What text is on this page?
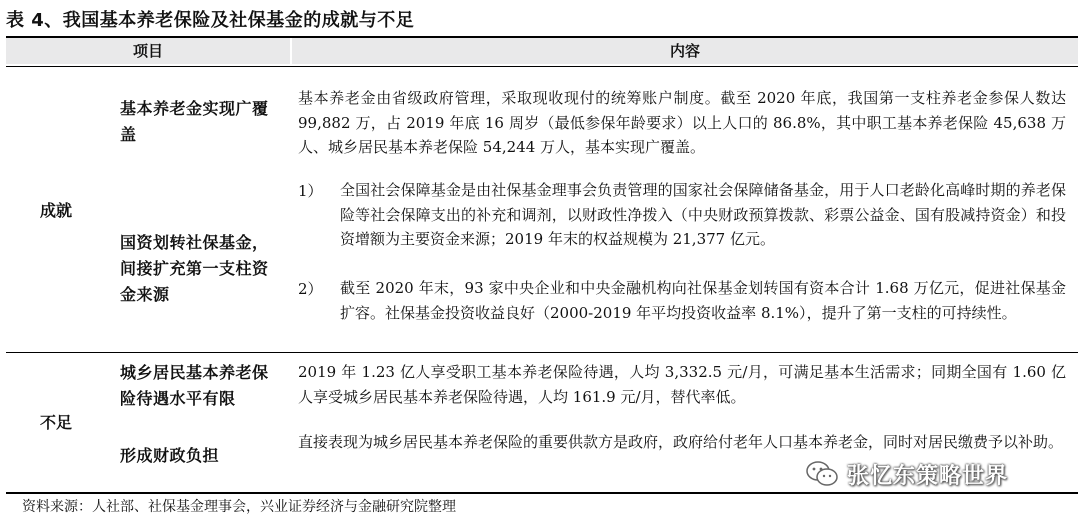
表 4、我国基本养老保险及社保基金的成就与不足
项目	内容
成就
基本养老金实现广覆盖
基本养老金由省级政府管理，采取现收现付的统筹账户制度。截至 2020 年底，我国第一支柱养老金参保人数达 99,882 万，占 2019 年底 16 周岁（最低参保年龄要求）以上人口的 86.8%，其中职工基本养老保险 45,638 万人、城乡居民基本养老保险 54,244 万人，基本实现广覆盖。
国资划转社保基金，间接扩充第一支柱资金来源
1） 全国社会保障基金是由社保基金理事会负责管理的国家社会保障储备基金，用于人口老龄化高峰时期的养老保险等社会保障支出的补充和调剂，以财政性净拨入（中央财政预算拨款、彩票公益金、国有股减持资金）和投资增额为主要资金来源；2019 年末的权益规模为 21,377 亿元。
2） 截至 2020 年末，93 家中央企业和中央金融机构向社保基金划转国有资本合计 1.68 万亿元，促进社保基金扩容。社保基金投资收益良好（2000-2019 年平均投资收益率 8.1%），提升了第一支柱的可持续性。
不足
城乡居民基本养老保险待遇水平有限
2019 年 1.23 亿人享受职工基本养老保险待遇，人均 3,332.5 元/月，可满足基本生活需求；同期全国有 1.60 亿人享受城乡居民基本养老保险待遇，人均 161.9 元/月，替代率低。
形成财政负担
直接表现为城乡居民基本养老保险的重要供款方是政府，政府给付老年人口基本养老金，同时对居民缴费予以补助。
资料来源：人社部、社保基金理事会，兴业证券经济与金融研究院整理
张忆东策略世界
